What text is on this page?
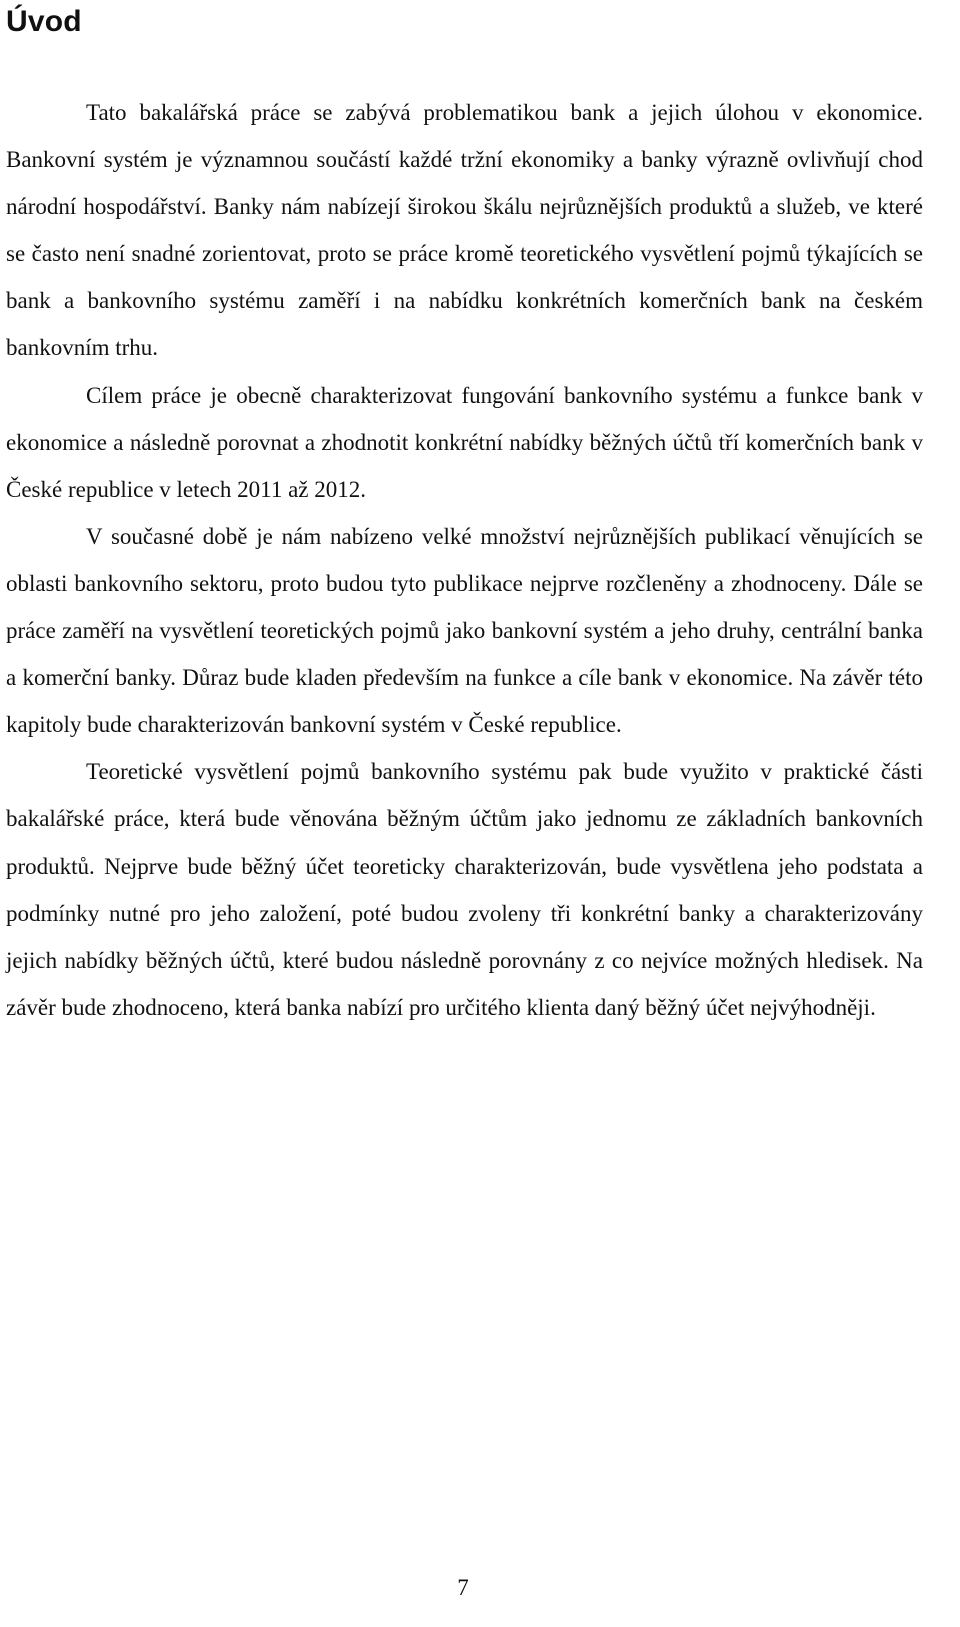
Úvod

Tato bakalářská práce se zabývá problematikou bank a jejich úlohou v ekonomice. Bankovní systém je významnou součástí každé tržní ekonomiky a banky výrazně ovlivňují chod národní hospodářství. Banky nám nabízejí širokou škálu nejrůznějších produktů a služeb, ve které se často není snadné zorientovat, proto se práce kromě teoretického vysvětlení pojmů týkajících se bank a bankovního systému zaměří i na nabídku konkrétních komerčních bank na českém bankovním trhu.

Cílem práce je obecně charakterizovat fungování bankovního systému a funkce bank v ekonomice a následně porovnat a zhodnotit konkrétní nabídky běžných účtů tří komerčních bank v České republice v letech 2011 až 2012.

V současné době je nám nabízeno velké množství nejrůznějších publikací věnujících se oblasti bankovního sektoru, proto budou tyto publikace nejprve rozčleněny a zhodnoceny. Dále se práce zaměří na vysvětlení teoretických pojmů jako bankovní systém a jeho druhy, centrální banka a komerční banky. Důraz bude kladen především na funkce a cíle bank v ekonomice. Na závěr této kapitoly bude charakterizován bankovní systém v České republice.

Teoretické vysvětlení pojmů bankovního systému pak bude využito v praktické části bakalářské práce, která bude věnována běžným účtům jako jednomu ze základních bankovních produktů. Nejprve bude běžný účet teoreticky charakterizován, bude vysvětlena jeho podstata a podmínky nutné pro jeho založení, poté budou zvoleny tři konkrétní banky a charakterizovány jejich nabídky běžných účtů, které budou následně porovnány z co nejvíce možných hledisek. Na závěr bude zhodnoceno, která banka nabízí pro určitého klienta daný běžný účet nejvýhodněji.

7
